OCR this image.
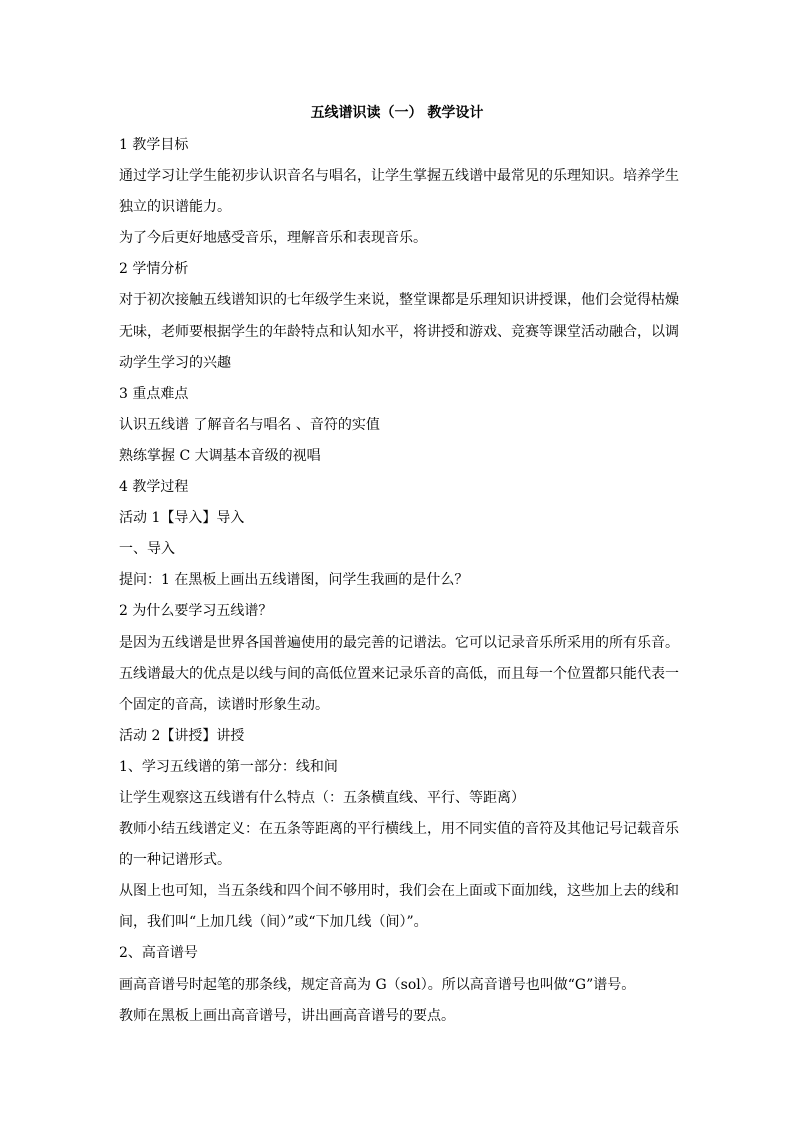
五线谱识读（一） 教学设计
1 教学目标
通过学习让学生能初步认识音名与唱名，让学生掌握五线谱中最常见的乐理知识。培养学生
独立的识谱能力。
为了今后更好地感受音乐，理解音乐和表现音乐。
2 学情分析
对于初次接触五线谱知识的七年级学生来说，整堂课都是乐理知识讲授课，他们会觉得枯燥
无味，老师要根据学生的年龄特点和认知水平，将讲授和游戏、竞赛等课堂活动融合，以调
动学生学习的兴趣
3 重点难点
认识五线谱 了解音名与唱名 、音符的实值
熟练掌握 C 大调基本音级的视唱
4 教学过程
活动 1【导入】导入
一、导入
提问：1 在黑板上画出五线谱图，问学生我画的是什么？
2 为什么要学习五线谱？
是因为五线谱是世界各国普遍使用的最完善的记谱法。它可以记录音乐所采用的所有乐音。
五线谱最大的优点是以线与间的高低位置来记录乐音的高低，而且每一个位置都只能代表一
个固定的音高，读谱时形象生动。
活动 2【讲授】讲授
1、学习五线谱的第一部分：线和间
让学生观察这五线谱有什么特点（：五条横直线、平行、等距离）
教师小结五线谱定义：在五条等距离的平行横线上，用不同实值的音符及其他记号记载音乐
的一种记谱形式。
从图上也可知，当五条线和四个间不够用时，我们会在上面或下面加线，这些加上去的线和
间，我们叫“上加几线（间）”或“下加几线（间）”。
2、高音谱号
画高音谱号时起笔的那条线，规定音高为 G（sol）。所以高音谱号也叫做“G”谱号。
教师在黑板上画出高音谱号，讲出画高音谱号的要点。
